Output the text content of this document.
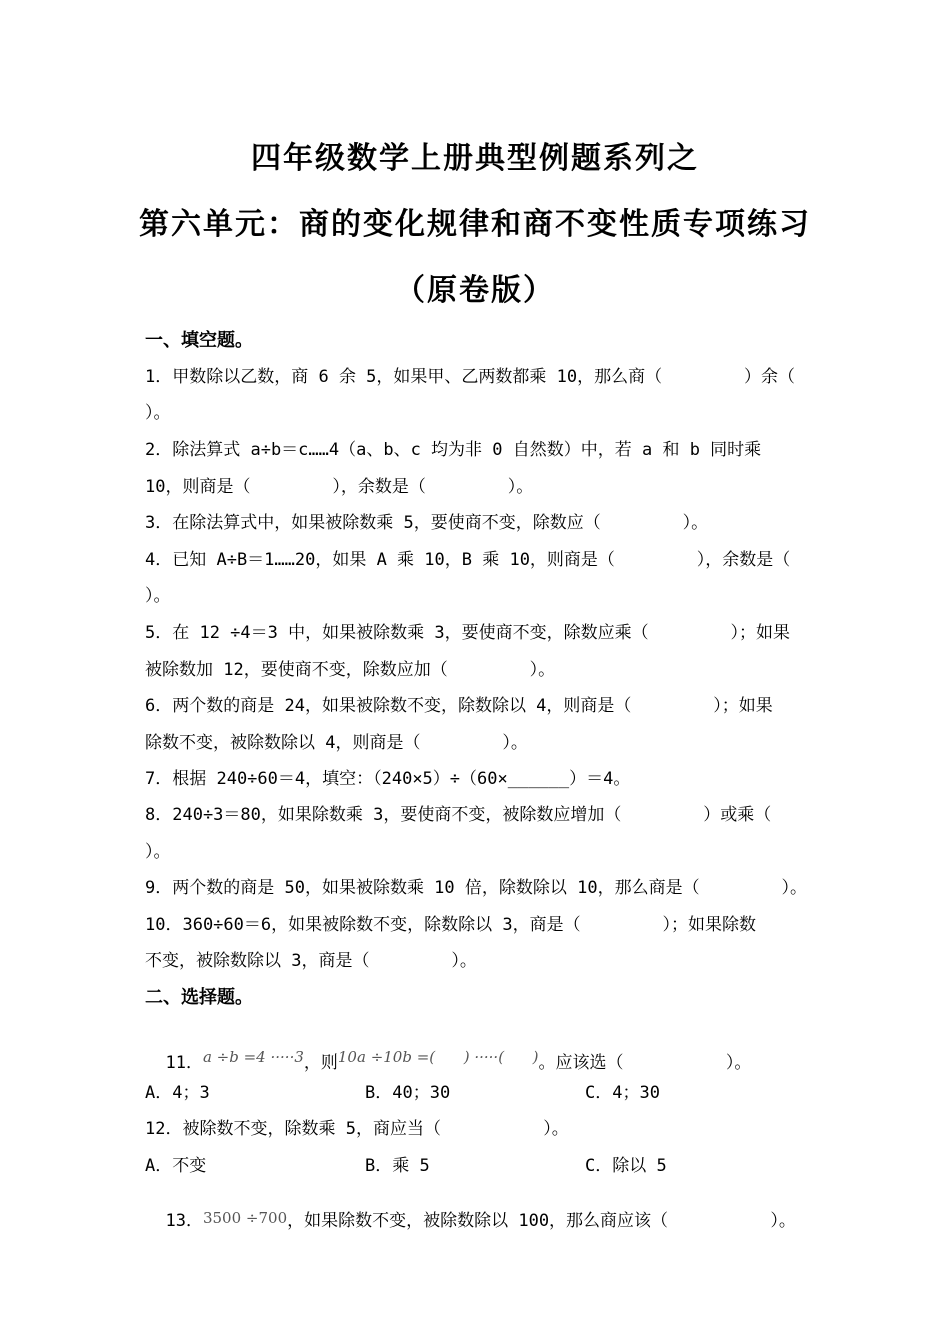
四年级数学上册典型例题系列之
第六单元：商的变化规律和商不变性质专项练习
（原卷版）
一、填空题。
1．甲数除以乙数，商 6 余 5，如果甲、乙两数都乘 10，那么商（        ）余（
）。
2．除法算式 a÷b＝c……4（a、b、c 均为非 0 自然数）中，若 a 和 b 同时乘
10，则商是（        ），余数是（        ）。
3．在除法算式中，如果被除数乘 5，要使商不变，除数应（        ）。
4．已知 A÷B＝1……20，如果 A 乘 10，B 乘 10，则商是（        ），余数是（
）。
5．在 12 ÷4＝3 中，如果被除数乘 3，要使商不变，除数应乘（        ）；如果
被除数加 12，要使商不变，除数应加（        ）。
6．两个数的商是 24，如果被除数不变，除数除以 4，则商是（        ）；如果
除数不变，被除数除以 4，则商是（        ）。
7．根据 240÷60＝4，填空：（240×5）÷（60×______）＝4。
8．240÷3＝80，如果除数乘 3，要使商不变，被除数应增加（        ）或乘（
）。
9．两个数的商是 50，如果被除数乘 10 倍，除数除以 10，那么商是（        ）。
10．360÷60＝6，如果被除数不变，除数除以 3，商是（        ）；如果除数
不变，被除数除以 3，商是（        ）。
二、选择题。

11．a ÷b =4 ·····3，则10a ÷10b =(      ) ·····(      )。应该选（          ）。

A．4；3	B．40；30	C．4；30
12．被除数不变，除数乘 5，商应当（          ）。
A．不变	B．乘 5	C．除以 5

13．3500 ÷700，如果除数不变，被除数除以 100，那么商应该（          ）。
